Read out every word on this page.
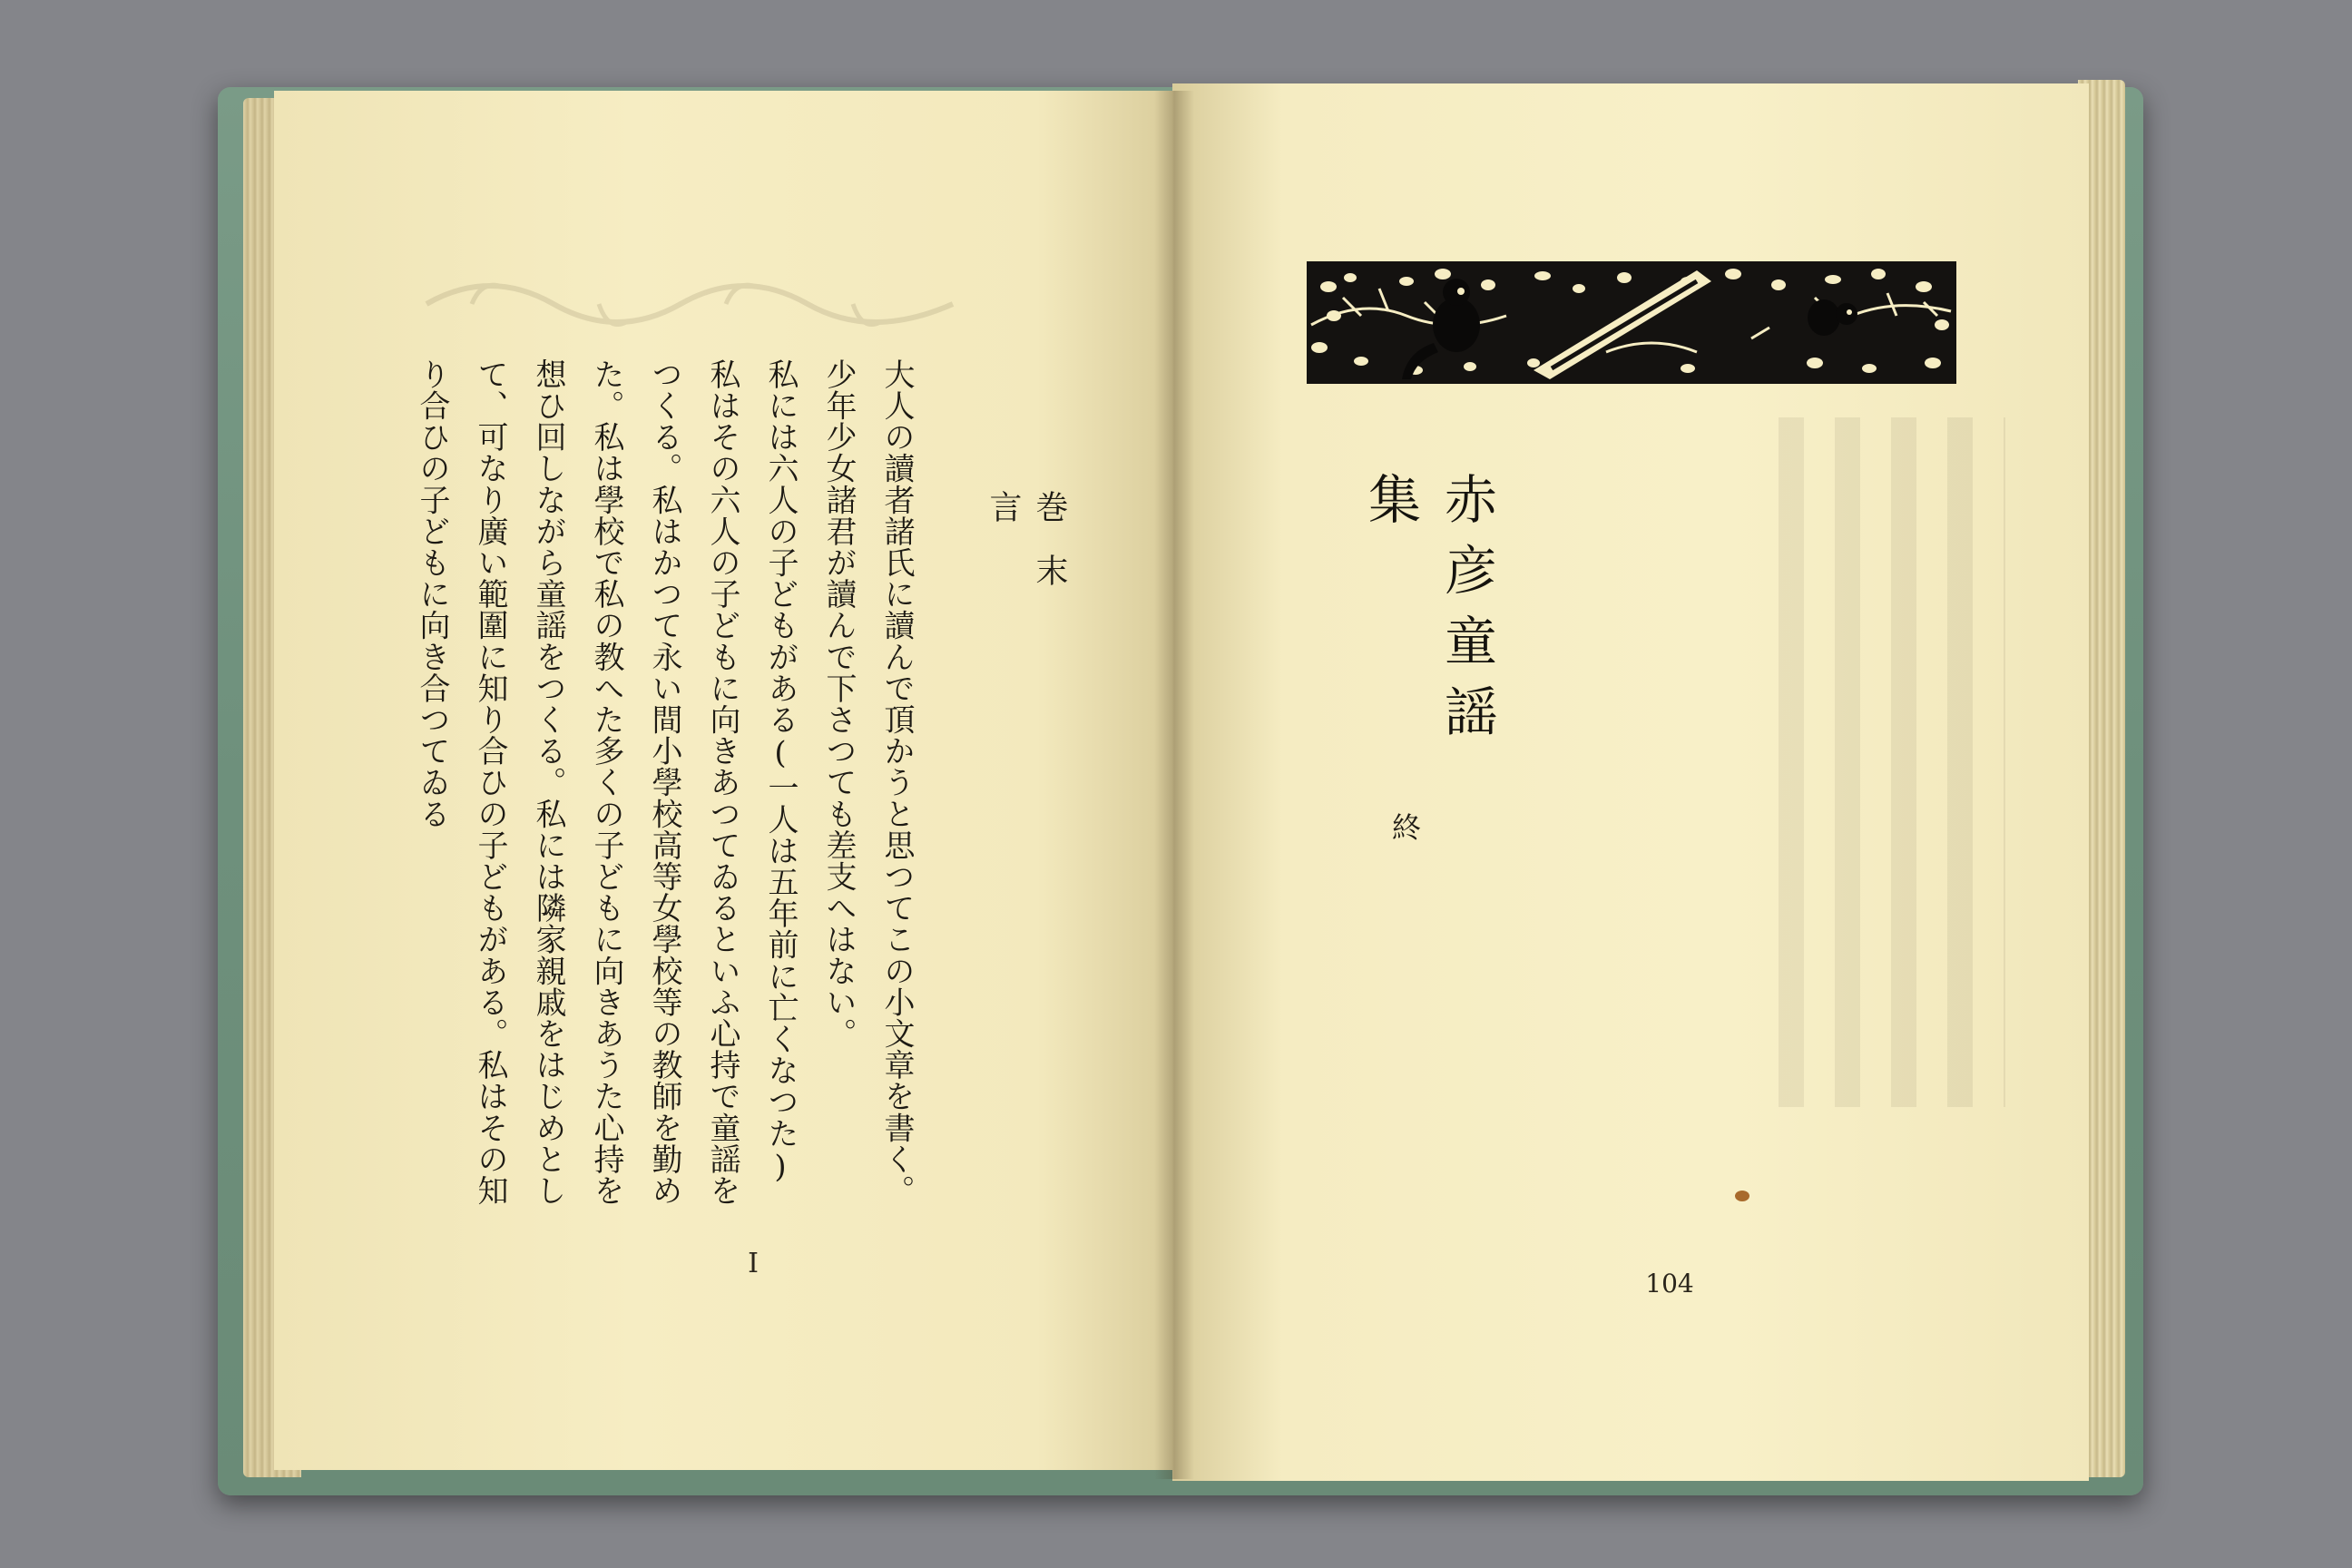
巻末言
大人の讀者諸氏に讀んで頂かうと思つてこの小文章を書く。少年少女諸君が讀んで下さつても差支へはない。
私には六人の子どもがある(一人は五年前に亡くなつた)
私はその六人の子どもに向きあつてゐるといふ心持で童謡をつくる。私はかつて永い間小學校高等女學校等の教師を勤めた。私は學校で私の教へた多くの子どもに向きあうた心持を想ひ回しながら童謡をつくる。私には隣家親戚をはじめとして、可なり廣い範圍に知り合ひの子どもがある。私はその知り合ひの子どもに向き合つてゐる
I
赤彦童謡集
終
104
